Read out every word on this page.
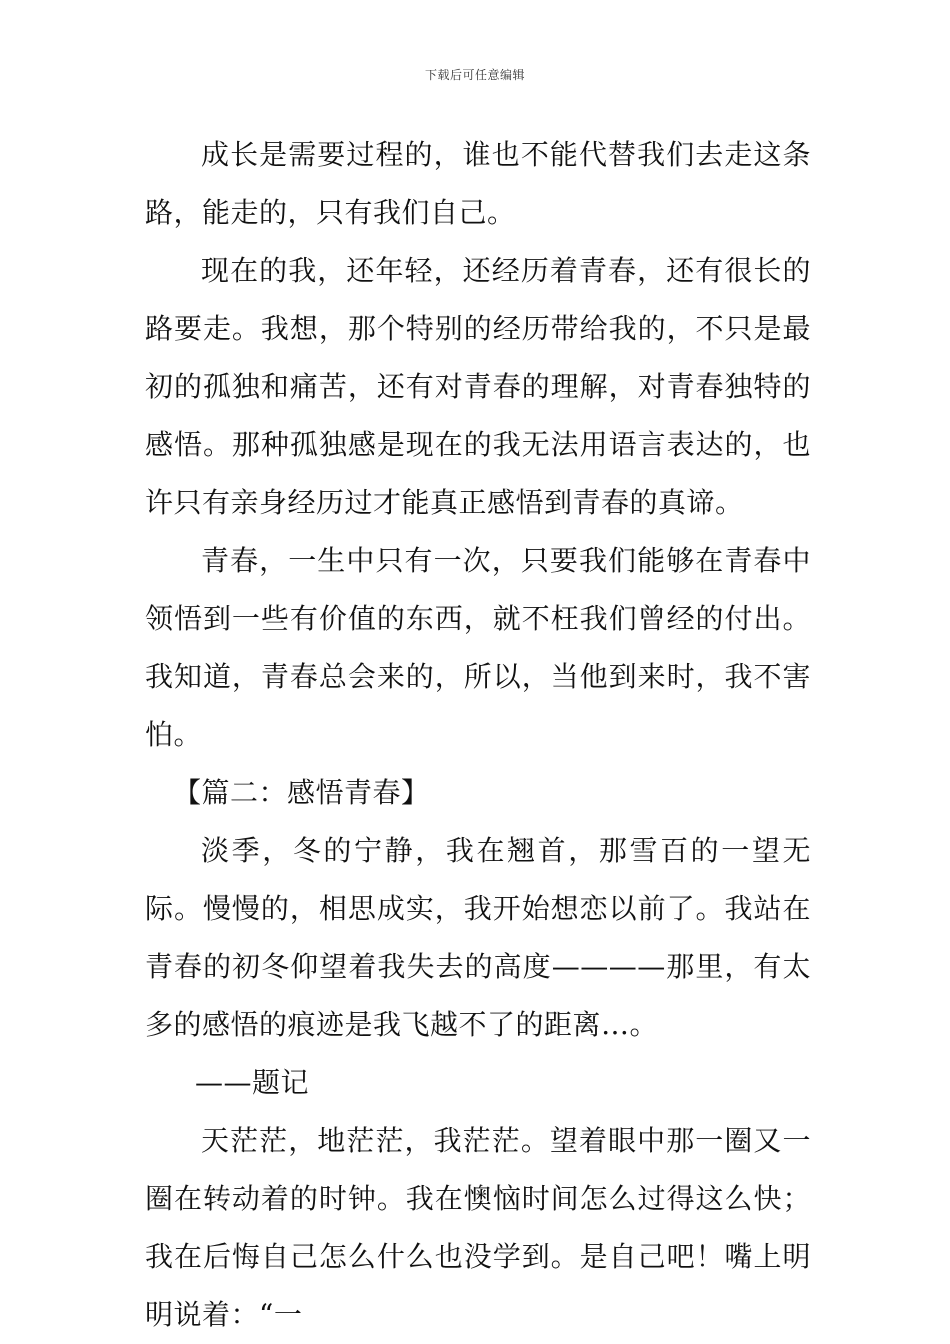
下载后可任意编辑

成长是需要过程的，谁也不能代替我们去走这条路，能走的，只有我们自己。

现在的我，还年轻，还经历着青春，还有很长的路要走。我想，那个特别的经历带给我的，不只是最初的孤独和痛苦，还有对青春的理解，对青春独特的感悟。那种孤独感是现在的我无法用语言表达的，也许只有亲身经历过才能真正感悟到青春的真谛。

青春，一生中只有一次，只要我们能够在青春中领悟到一些有价值的东西，就不枉我们曾经的付出。我知道，青春总会来的，所以，当他到来时，我不害怕。

【篇二：感悟青春】

淡季，冬的宁静，我在翘首，那雪百的一望无际。慢慢的，相思成实，我开始想恋以前了。我站在青春的初冬仰望着我失去的高度————那里，有太多的感悟的痕迹是我飞越不了的距离…。

——题记

天茫茫，地茫茫，我茫茫。望着眼中那一圈又一圈在转动着的时钟。我在懊恼时间怎么过得这么快；我在后悔自己怎么什么也没学到。是自己吧！嘴上明明说着：“一
